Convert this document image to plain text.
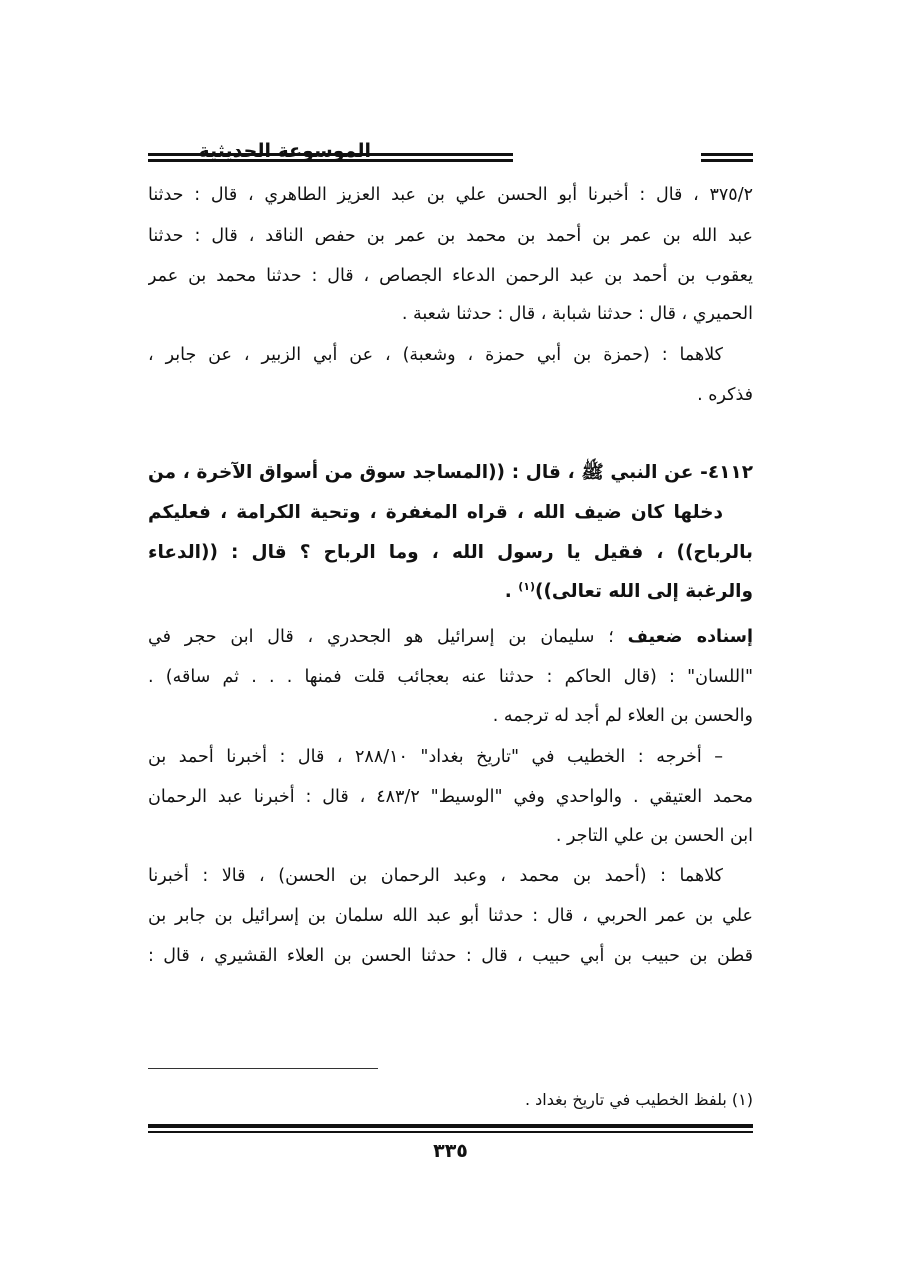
الموسوعة الحديثية
٣٧٥/٢ ، قال : أخبرنا أبو الحسن علي بن عبد العزيز الطاهري ، قال : حدثنا
عبد الله بن عمر بن أحمد بن محمد بن عمر بن حفص الناقد ، قال : حدثنا
يعقوب بن أحمد بن عبد الرحمن الدعاء الجصاص ، قال : حدثنا محمد بن عمر
الحميري ، قال : حدثنا شبابة ، قال : حدثنا شعبة .
كلاهما : (حمزة بن أبي حمزة ، وشعبة) ، عن أبي الزبير ، عن جابر ،
فذكره .
٤١١٢- عن النبي ﷺ ، قال : ((المساجد سوق من أسواق الآخرة ، من
دخلها كان ضيف الله ، قراه المغفرة ، وتحية الكرامة ، فعليكم
بالرباح)) ، فقيل يا رسول الله ، وما الرباح ؟ قال : ((الدعاء
والرغبة إلى الله تعالى))$^{(١)}$ .
إسناده ضعيف ؛ سليمان بن إسرائيل هو الجحدري ، قال ابن حجر في
"اللسان" : (قال الحاكم : حدثنا عنه بعجائب قلت فمنها . . . ثم ساقه) .
والحسن بن العلاء لم أجد له ترجمه .
– أخرجه : الخطيب في "تاريخ بغداد" ٢٨٨/١٠ ، قال : أخبرنا أحمد بن
محمد العتيقي . والواحدي وفي "الوسيط" ٤٨٣/٢ ، قال : أخبرنا عبد الرحمان
ابن الحسن بن علي التاجر .
كلاهما : (أحمد بن محمد ، وعبد الرحمان بن الحسن) ، قالا : أخبرنا
علي بن عمر الحربي ، قال : حدثنا أبو عبد الله سلمان بن إسرائيل بن جابر بن
قطن بن حبيب بن أبي حبيب ، قال : حدثنا الحسن بن العلاء القشيري ، قال :
(١) بلفظ الخطيب في تاريخ بغداد .
٣٣٥
